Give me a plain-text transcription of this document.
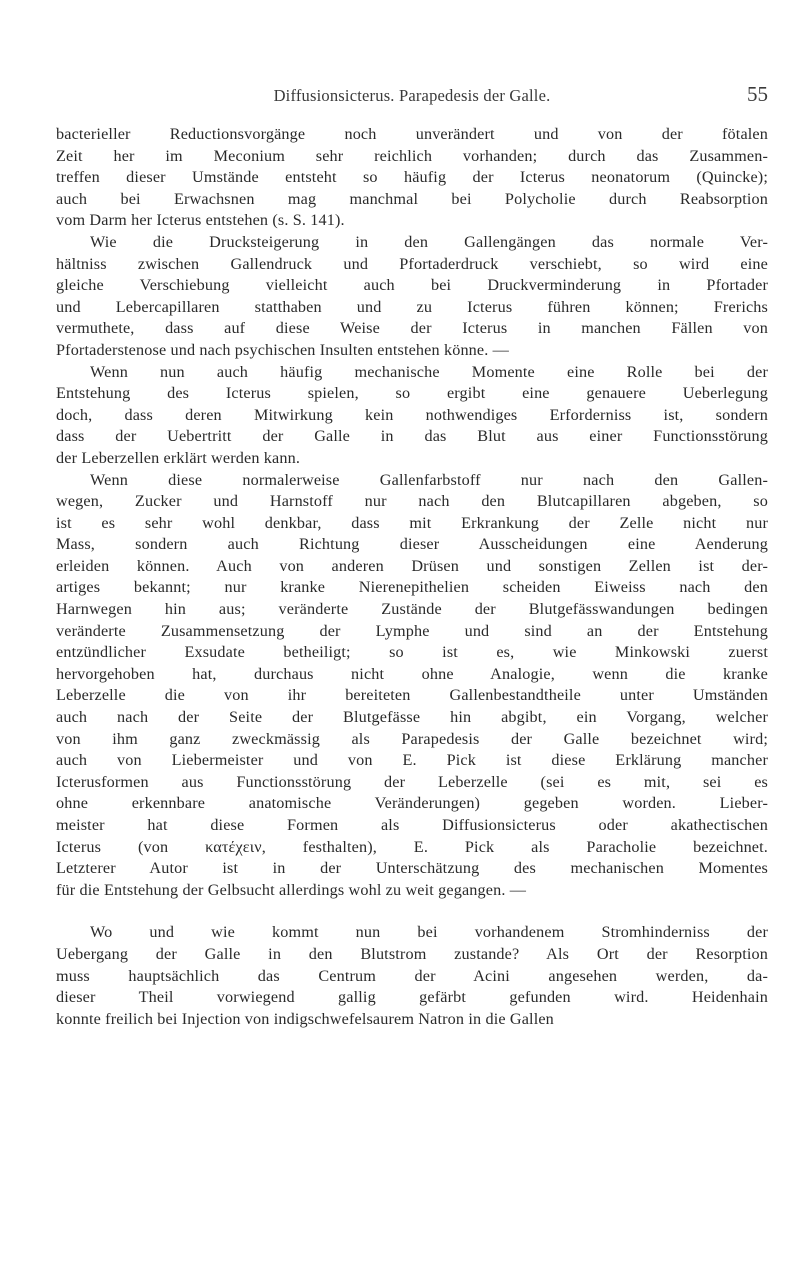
Diffusionsicterus. Parapedesis der Galle.	55
bacterieller Reductionsvorgänge noch unverändert und von der fötalen
Zeit her im Meconium sehr reichlich vorhanden; durch das Zusammen-
treffen dieser Umstände entsteht so häufig der Icterus neonatorum (Quincke);
auch bei Erwachsnen mag manchmal bei Polycholie durch Reabsorption
vom Darm her Icterus entstehen (s. S. 141).
Wie die Drucksteigerung in den Gallengängen das normale Ver-
hältniss zwischen Gallendruck und Pfortaderdruck verschiebt, so wird eine
gleiche Verschiebung vielleicht auch bei Druckverminderung in Pfortader
und Lebercapillaren statthaben und zu Icterus führen können; Frerichs
vermuthete, dass auf diese Weise der Icterus in manchen Fällen von
Pfortaderstenose und nach psychischen Insulten entstehen könne. —
Wenn nun auch häufig mechanische Momente eine Rolle bei der
Entstehung des Icterus spielen, so ergibt eine genauere Ueberlegung
doch, dass deren Mitwirkung kein nothwendiges Erforderniss ist, sondern
dass der Uebertritt der Galle in das Blut aus einer Functionsstörung
der Leberzellen erklärt werden kann.
Wenn diese normalerweise Gallenfarbstoff nur nach den Gallen-
wegen, Zucker und Harnstoff nur nach den Blutcapillaren abgeben, so
ist es sehr wohl denkbar, dass mit Erkrankung der Zelle nicht nur
Mass, sondern auch Richtung dieser Ausscheidungen eine Aenderung
erleiden können. Auch von anderen Drüsen und sonstigen Zellen ist der-
artiges bekannt; nur kranke Nierenepithelien scheiden Eiweiss nach den
Harnwegen hin aus; veränderte Zustände der Blutgefässwandungen bedingen
veränderte Zusammensetzung der Lymphe und sind an der Entstehung
entzündlicher Exsudate betheiligt; so ist es, wie Minkowski zuerst
hervorgehoben hat, durchaus nicht ohne Analogie, wenn die kranke
Leberzelle die von ihr bereiteten Gallenbestandtheile unter Umständen
auch nach der Seite der Blutgefässe hin abgibt, ein Vorgang, welcher
von ihm ganz zweckmässig als Parapedesis der Galle bezeichnet wird;
auch von Liebermeister und von E. Pick ist diese Erklärung mancher
Icterusformen aus Functionsstörung der Leberzelle (sei es mit, sei es
ohne erkennbare anatomische Veränderungen) gegeben worden. Lieber-
meister hat diese Formen als Diffusionsicterus oder akathectischen
Icterus (von κατέχειν, festhalten), E. Pick als Paracholie bezeichnet.
Letzterer Autor ist in der Unterschätzung des mechanischen Momentes
für die Entstehung der Gelbsucht allerdings wohl zu weit gegangen. —
Wo und wie kommt nun bei vorhandenem Stromhinderniss der
Uebergang der Galle in den Blutstrom zustande? Als Ort der Resorption
muss hauptsächlich das Centrum der Acini angesehen werden, da-
dieser Theil vorwiegend gallig gefärbt gefunden wird. Heidenhain
konnte freilich bei Injection von indigschwefelsaurem Natron in die Gallen
